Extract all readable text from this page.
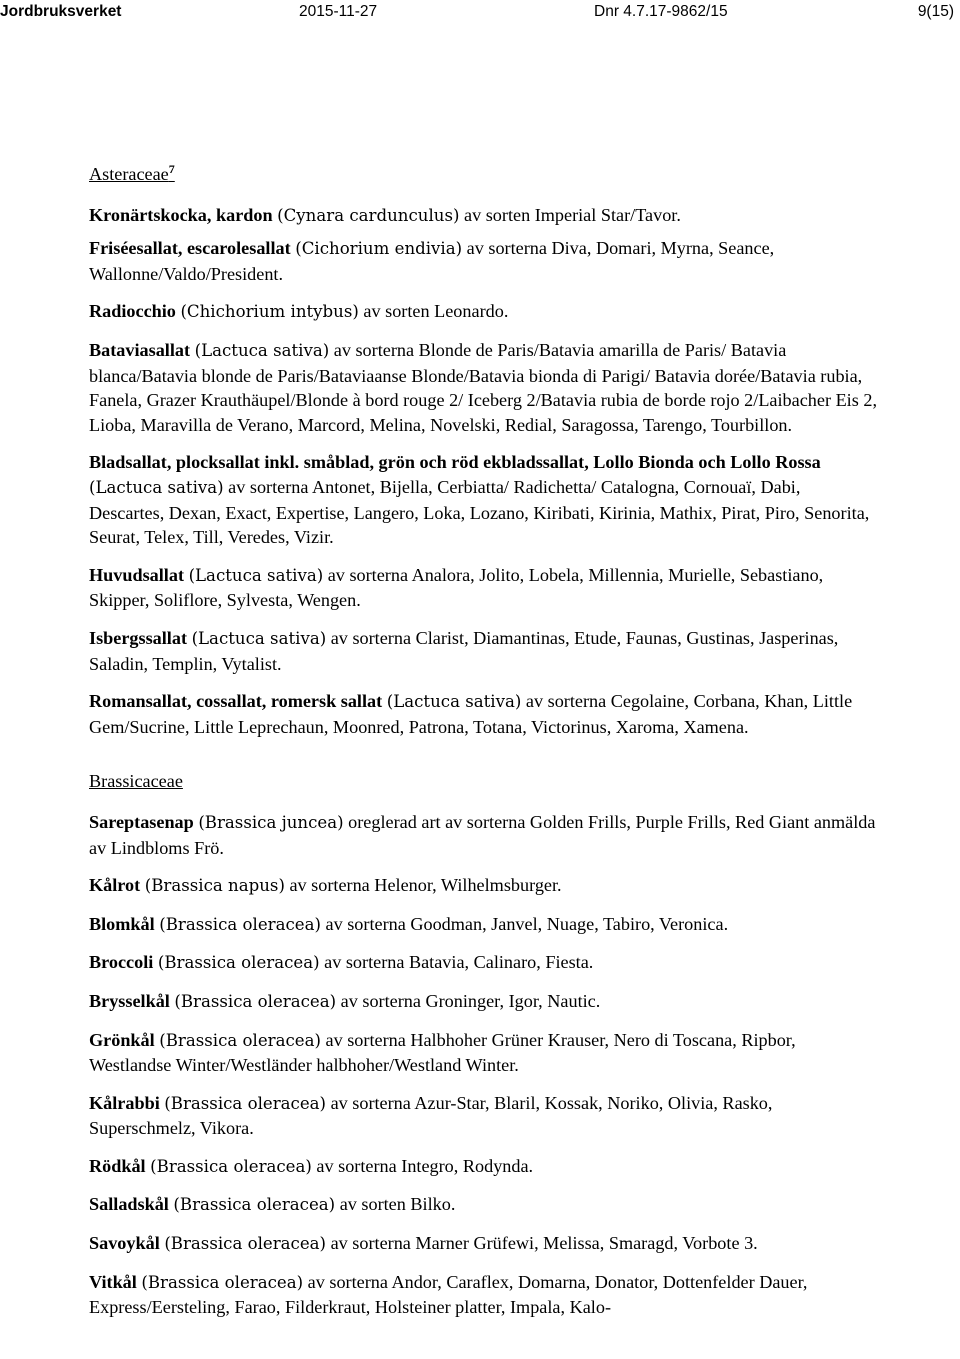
Jordbruksverket	2015-11-27	Dnr 4.7.17-9862/15	9(15)

Asteraceae$^7$

Kronärtskocka, kardon (Cynara cardunculus) av sorten Imperial Star/Tavor.

Friséesallat, escarolesallat (Cichorium endivia) av sorterna Diva, Domari, Myrna, Seance, Wallonne/Valdo/President.

Radiocchio (Chichorium intybus) av sorten Leonardo.

Bataviasallat (Lactuca sativa) av sorterna Blonde de Paris/Batavia amarilla de Paris/ Batavia blanca/Batavia blonde de Paris/Bataviaanse Blonde/Batavia bionda di Parigi/ Batavia dorée/Batavia rubia, Fanela, Grazer Krauthäupel/Blonde à bord rouge 2/ Iceberg 2/Batavia rubia de borde rojo 2/Laibacher Eis 2, Lioba, Maravilla de Verano, Marcord, Melina, Novelski, Redial, Saragossa, Tarengo, Tourbillon.

Bladsallat, plocksallat inkl. småblad, grön och röd ekbladssallat, Lollo Bionda och Lollo Rossa (Lactuca sativa) av sorterna Antonet, Bijella, Cerbiatta/ Radichetta/ Catalogna, Cornouaï, Dabi, Descartes, Dexan, Exact, Expertise, Langero, Loka, Lozano, Kiribati, Kirinia, Mathix, Pirat, Piro, Senorita, Seurat, Telex, Till, Veredes, Vizir.

Huvudsallat (Lactuca sativa) av sorterna Analora, Jolito, Lobela, Millennia, Murielle, Sebastiano, Skipper, Soliflore, Sylvesta, Wengen.

Isbergssallat (Lactuca sativa) av sorterna Clarist, Diamantinas, Etude, Faunas, Gustinas, Jasperinas, Saladin, Templin, Vytalist.

Romansallat, cossallat, romersk sallat (Lactuca sativa) av sorterna Cegolaine, Corbana, Khan, Little Gem/Sucrine, Little Leprechaun, Moonred, Patrona, Totana, Victorinus, Xaroma, Xamena.

Brassicaceae

Sareptasenap (Brassica juncea) oreglerad art av sorterna Golden Frills, Purple Frills, Red Giant anmälda av Lindbloms Frö.

Kålrot (Brassica napus) av sorterna Helenor, Wilhelmsburger.

Blomkål (Brassica oleracea) av sorterna Goodman, Janvel, Nuage, Tabiro, Veronica.

Broccoli (Brassica oleracea) av sorterna Batavia, Calinaro, Fiesta.

Brysselkål (Brassica oleracea) av sorterna Groninger, Igor, Nautic.

Grönkål (Brassica oleracea) av sorterna Halbhoher Grüner Krauser, Nero di Toscana, Ripbor, Westlandse Winter/Westländer halbhoher/Westland Winter.

Kålrabbi (Brassica oleracea) av sorterna Azur-Star, Blaril, Kossak, Noriko, Olivia, Rasko, Superschmelz, Vikora.

Rödkål (Brassica oleracea) av sorterna Integro, Rodynda.

Salladskål (Brassica oleracea) av sorten Bilko.

Savoykål (Brassica oleracea) av sorterna Marner Grüfewi, Melissa, Smaragd, Vorbote 3.

Vitkål (Brassica oleracea) av sorterna Andor, Caraflex, Domarna, Donator, Dottenfelder Dauer, Express/Eersteling, Farao, Filderkraut, Holsteiner platter, Impala, Kalo-
